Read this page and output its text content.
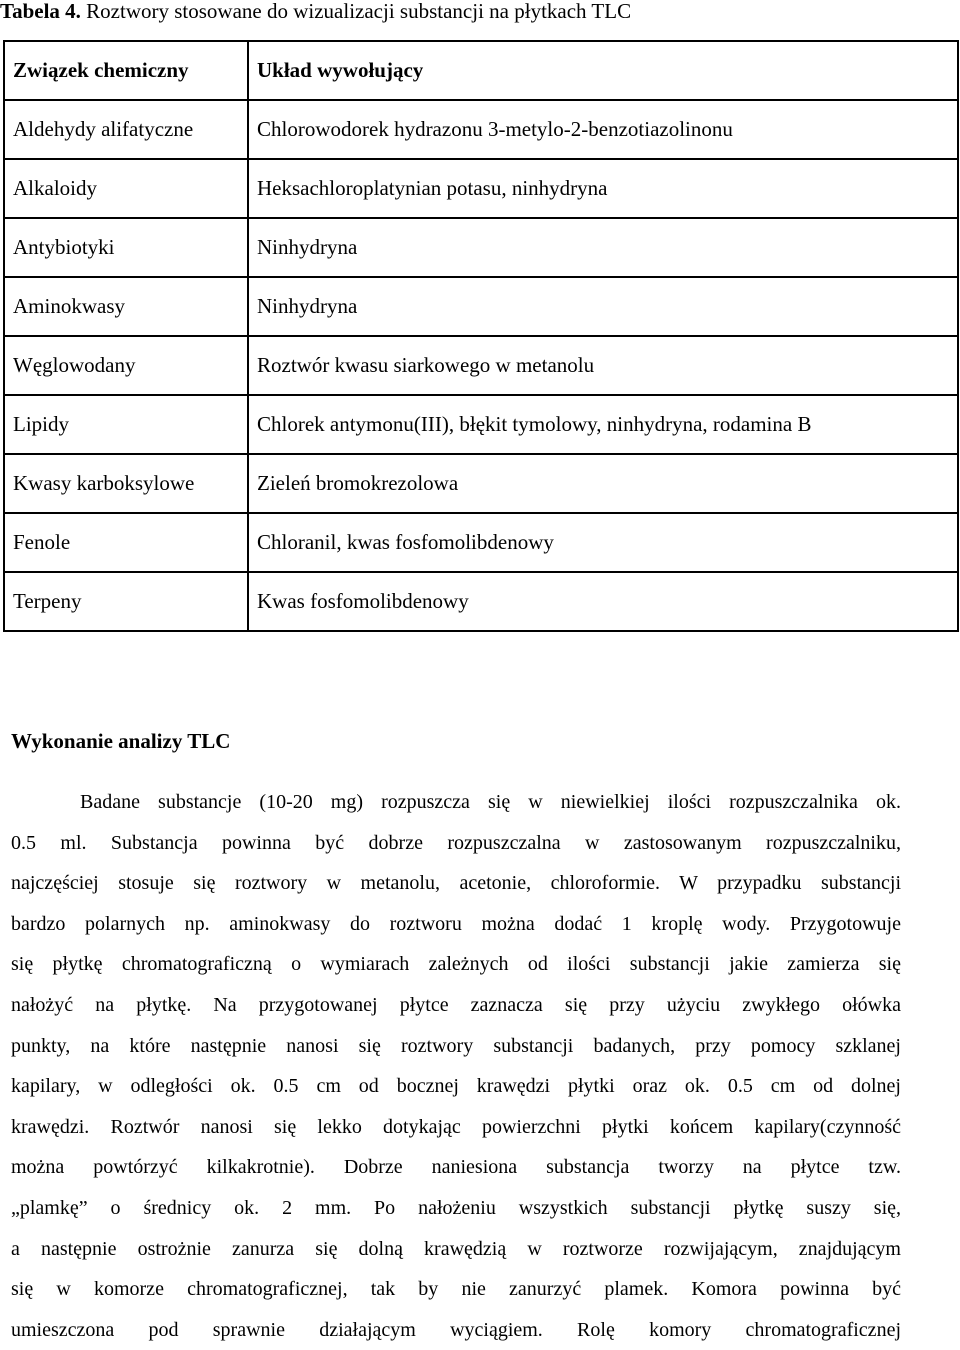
Tabela 4. Roztwory stosowane do wizualizacji substancji na płytkach TLC
Związek chemiczny	Układ wywołujący
Aldehydy alifatyczne	Chlorowodorek hydrazonu 3-metylo-2-benzotiazolinonu
Alkaloidy	Heksachloroplatynian potasu, ninhydryna
Antybiotyki	Ninhydryna
Aminokwasy	Ninhydryna
Węglowodany	Roztwór kwasu siarkowego w metanolu
Lipidy	Chlorek antymonu(III), błękit tymolowy, ninhydryna, rodamina B
Kwasy karboksylowe	Zieleń bromokrezolowa
Fenole	Chloranil, kwas fosfomolibdenowy
Terpeny	Kwas fosfomolibdenowy
Wykonanie analizy TLC
Badane substancje (10-20 mg) rozpuszcza się w niewielkiej ilości rozpuszczalnika ok.
0.5 ml. Substancja powinna być dobrze rozpuszczalna w zastosowanym rozpuszczalniku,
najczęściej stosuje się roztwory w metanolu, acetonie, chloroformie. W przypadku substancji
bardzo polarnych np. aminokwasy do roztworu można dodać 1 kroplę wody. Przygotowuje
się płytkę chromatograficzną o wymiarach zależnych od ilości substancji jakie zamierza się
nałożyć na płytkę. Na przygotowanej płytce zaznacza się przy użyciu zwykłego ołówka
punkty, na które następnie nanosi się roztwory substancji badanych, przy pomocy szklanej
kapilary, w odległości ok. 0.5 cm od bocznej krawędzi płytki oraz ok. 0.5 cm od dolnej
krawędzi. Roztwór nanosi się lekko dotykając powierzchni płytki końcem kapilary(czynność
można powtórzyć kilkakrotnie). Dobrze naniesiona substancja tworzy na płytce tzw.
„plamkę” o średnicy ok. 2 mm. Po nałożeniu wszystkich substancji płytkę suszy się,
a następnie ostrożnie zanurza się dolną krawędzią w roztworze rozwijającym, znajdującym
się w komorze chromatograficznej, tak by nie zanurzyć plamek. Komora powinna być
umieszczona pod sprawnie działającym wyciągiem. Rolę komory chromatograficznej
